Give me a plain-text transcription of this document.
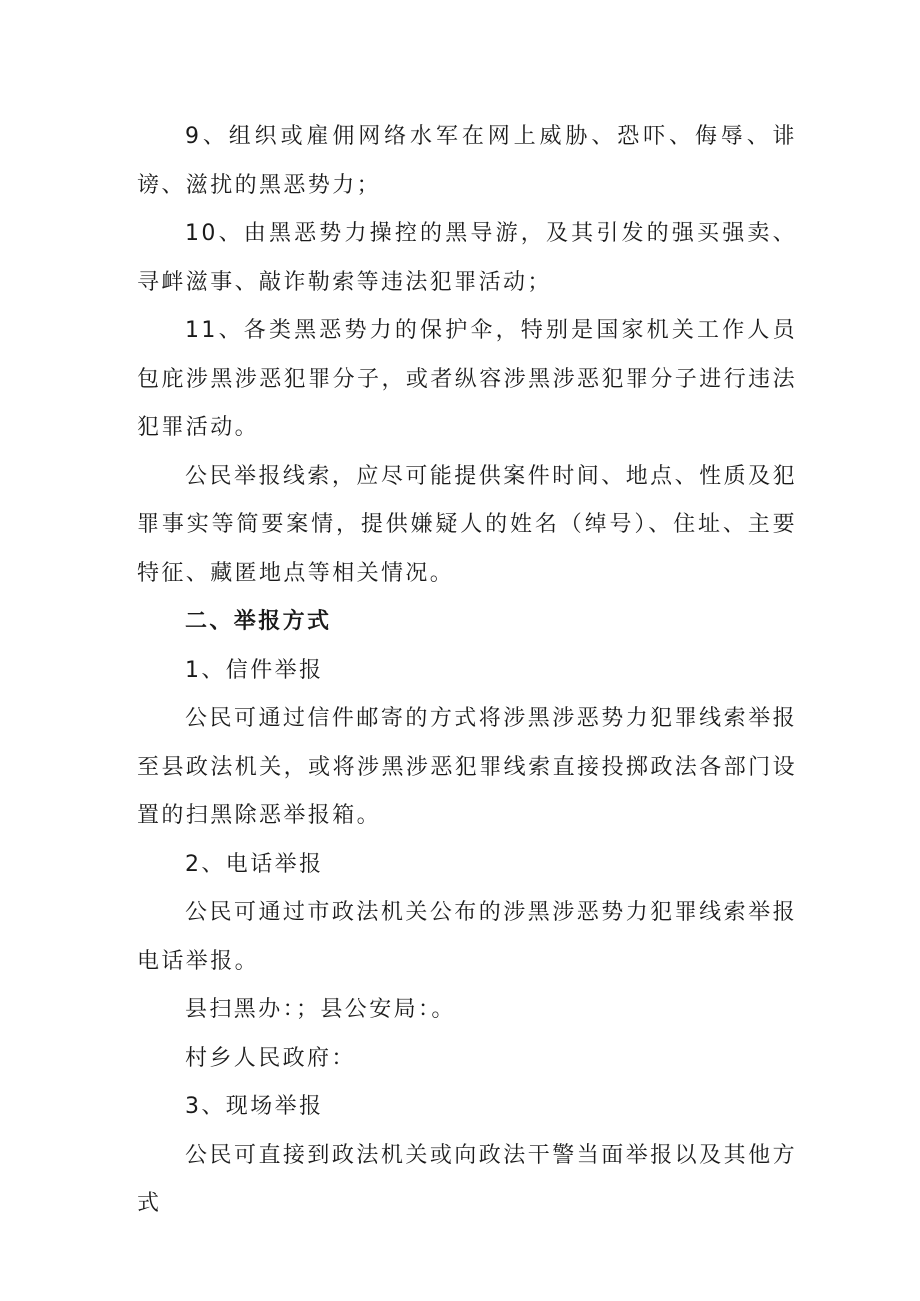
9、组织或雇佣网络水军在网上威胁、恐吓、侮辱、诽谤、滋扰的黑恶势力；

10、由黑恶势力操控的黑导游，及其引发的强买强卖、寻衅滋事、敲诈勒索等违法犯罪活动；

11、各类黑恶势力的保护伞，特别是国家机关工作人员包庇涉黑涉恶犯罪分子，或者纵容涉黑涉恶犯罪分子进行违法犯罪活动。

公民举报线索，应尽可能提供案件时间、地点、性质及犯罪事实等简要案情，提供嫌疑人的姓名（绰号）、住址、主要特征、藏匿地点等相关情况。

二、举报方式

1、信件举报

公民可通过信件邮寄的方式将涉黑涉恶势力犯罪线索举报至县政法机关，或将涉黑涉恶犯罪线索直接投掷政法各部门设置的扫黑除恶举报箱。

2、电话举报

公民可通过市政法机关公布的涉黑涉恶势力犯罪线索举报电话举报。

县扫黑办：；县公安局：。

村乡人民政府：

3、现场举报

公民可直接到政法机关或向政法干警当面举报以及其他方式
